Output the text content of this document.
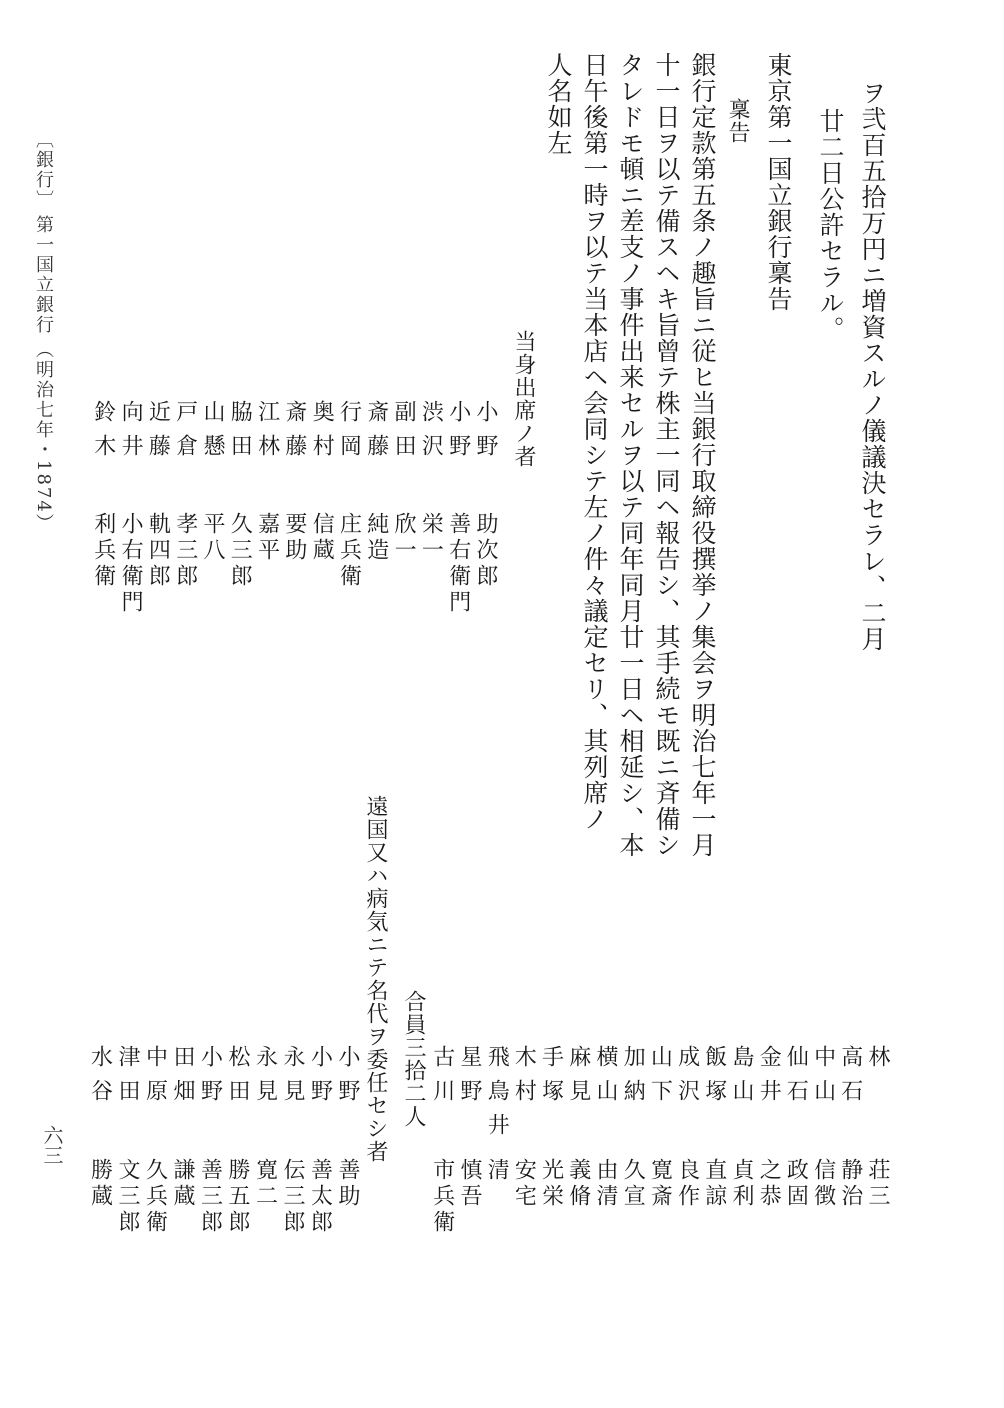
ヲ弐百五拾万円ニ増資スルノ儀議決セラレ、二月
廿二日公許セラル。
東京第一国立銀行稟告
稟告
銀行定款第五条ノ趣旨ニ従ヒ当銀行取締役撰挙ノ集会ヲ明治七年一月
十一日ヲ以テ備スヘキ旨曾テ株主一同ヘ報告シ、其手続モ既ニ斉備シ
タレドモ頓ニ差支ノ事件出来セルヲ以テ同年同月廿一日ヘ相延シ、本
日午後第一時ヲ以テ当本店ヘ会同シテ左ノ件々議定セリ、其列席ノ
人名如左
当身出席ノ者
小野
助次郎
小野
善右衛門
渋沢
栄一
副田
欣一
斎藤
純造
行岡
庄兵衛
奥村
信蔵
斎藤
要助
江林
嘉平
脇田
久三郎
山懸
平八
戸倉
孝三郎
近藤
軌四郎
向井
小右衛門
鈴木
利兵衛
〔銀行〕
第一国立銀行
（明治七年・1874）
林
荘三
高石
静治
中山
信徴
仙石
政固
金井
之恭
島山
貞利
飯塚
直諒
成沢
良作
山下
寛斎
加納
久宣
横山
由清
麻見
義脩
手塚
光栄
木村
安宅
飛鳥井
清
星野
慎吾
古川
市兵衛
合員三拾二人
遠国又ハ病気ニテ名代ヲ委任セシ者
小野
善助
小野
善太郎
永見
伝三郎
永見
寛二
松田
勝五郎
小野
善三郎
田畑
謙蔵
中原
久兵衛
津田
文三郎
水谷
勝蔵
六三
